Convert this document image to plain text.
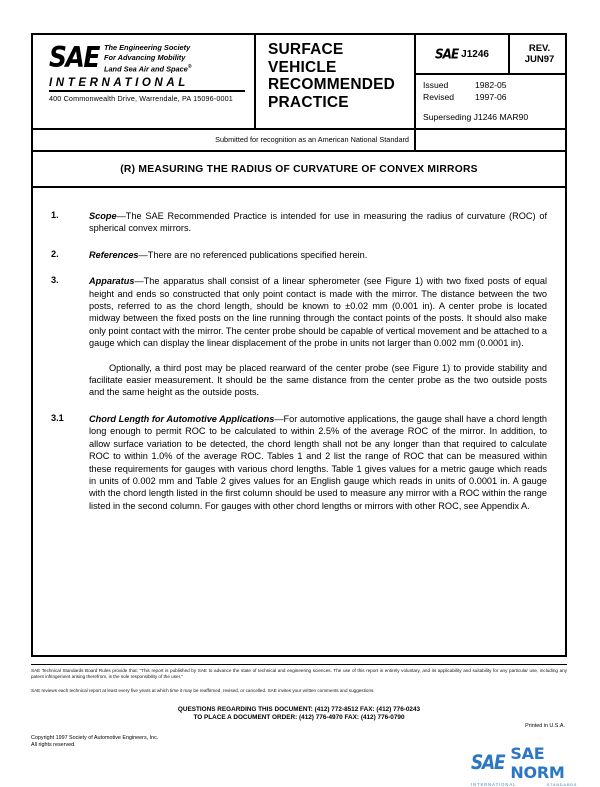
SAE The Engineering Society
For Advancing Mobility
Land Sea Air and Space®
INTERNATIONAL
400 Commonwealth Drive, Warrendale, PA 15096-0001
SURFACE
VEHICLE
RECOMMENDED
PRACTICE
SAE J1246
REV.
JUN97
Issued	1982-05
Revised	1997-06
Superseding J1246 MAR90
Submitted for recognition as an American National Standard
(R) MEASURING THE RADIUS OF CURVATURE OF CONVEX MIRRORS
1.	Scope—The SAE Recommended Practice is intended for use in measuring the radius of curvature (ROC) of spherical convex mirrors.
2.	References—There are no referenced publications specified herein.
3.	Apparatus—The apparatus shall consist of a linear spherometer (see Figure 1) with two fixed posts of equal height and ends so constructed that only point contact is made with the mirror. The distance between the two posts, referred to as the chord length, should be known to ±0.02 mm (0.001 in). A center probe is located midway between the fixed posts on the line running through the contact points of the posts. It should also make only point contact with the mirror. The center probe should be capable of vertical movement and be attached to a gauge which can display the linear displacement of the probe in units not larger than 0.002 mm (0.0001 in).
Optionally, a third post may be placed rearward of the center probe (see Figure 1) to provide stability and facilitate easier measurement. It should be the same distance from the center probe as the two outside posts and the same height as the outside posts.
3.1	Chord Length for Automotive Applications—For automotive applications, the gauge shall have a chord length long enough to permit ROC to be calculated to within 2.5% of the average ROC of the mirror. In addition, to allow surface variation to be detected, the chord length shall not be any longer than that required to calculate ROC to within 1.0% of the average ROC. Tables 1 and 2 list the range of ROC that can be measured within these requirements for gauges with various chord lengths. Table 1 gives values for a metric gauge which reads in units of 0.002 mm and Table 2 gives values for an English gauge which reads in units of 0.0001 in. A gauge with the chord length listed in the first column should be used to measure any mirror with a ROC within the range listed in the second column. For gauges with other chord lengths or mirrors with other ROC, see Appendix A.
SAE Technical Standards Board Rules provide that: "This report is published by SAE to advance the state of technical and engineering sciences. The use of this report is entirely voluntary, and its applicability and suitability for any particular use, including any patent infringement arising therefrom, is the sole responsibility of the user."
SAE reviews each technical report at least every five years at which time it may be reaffirmed, revised, or cancelled. SAE invites your written comments and suggestions.
QUESTIONS REGARDING THIS DOCUMENT: (412) 772-8512 FAX: (412) 776-0243
TO PLACE A DOCUMENT ORDER: (412) 776-4970 FAX: (412) 776-0790
Copyright 1997 Society of Automotive Engineers, Inc.
All rights reserved.
Printed in U.S.A.
SAE SAE NORM
INTERNATIONAL	STANDARDS
